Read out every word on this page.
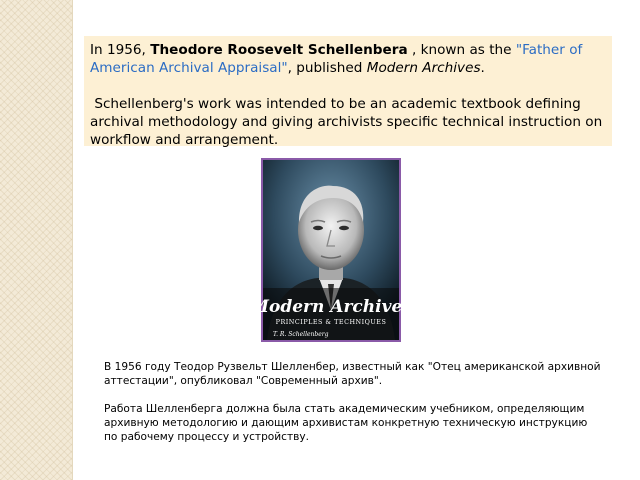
In 1956, Theodore Roosevelt Schellenbera , known as the "Father of American Archival Appraisal", published Modern Archives.

Schellenberg's work was intended to be an academic textbook defining archival methodology and giving archivists specific technical instruction on workflow and arrangement.

Modern Archives
PRINCIPLES & TECHNIQUES
T. R. Schellenberg

В 1956 году Теодор Рузвельт Шелленбер, известный как "Отец американской архивной аттестации", опубликовал "Современный архив".

Работа Шелленберга должна была стать академическим учебником, определяющим архивную методологию и дающим архивистам конкретную техническую инструкцию по рабочему процессу и устройству.
